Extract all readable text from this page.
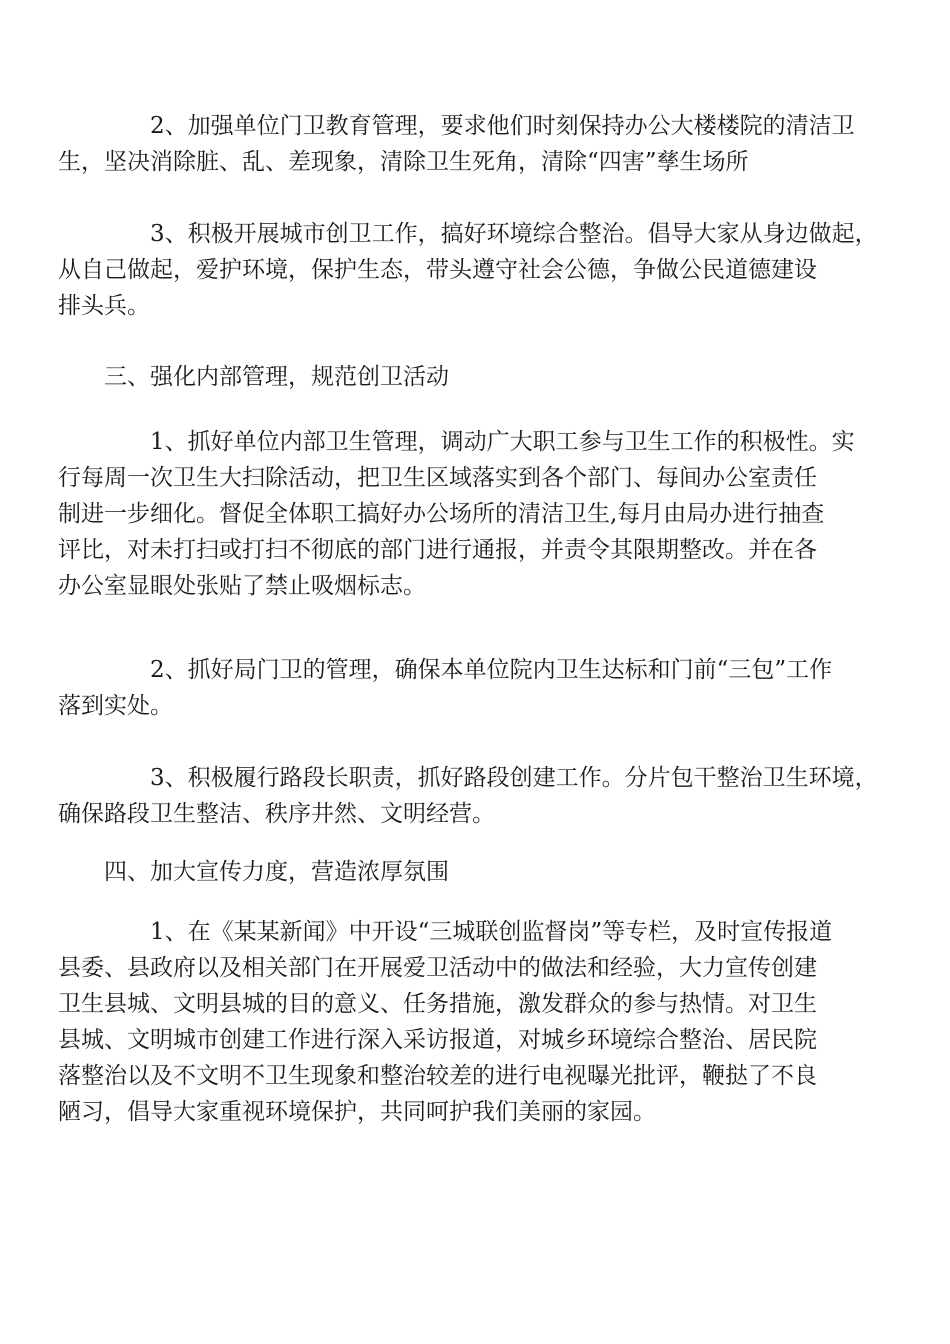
2、加强单位门卫教育管理，要求他们时刻保持办公大楼楼院的清洁卫
生，坚决消除脏、乱、差现象，清除卫生死角，清除“四害”孳生场所
3、积极开展城市创卫工作，搞好环境综合整治。倡导大家从身边做起，
从自己做起，爱护环境，保护生态，带头遵守社会公德，争做公民道德建设
排头兵。
三、强化内部管理，规范创卫活动
1、抓好单位内部卫生管理，调动广大职工参与卫生工作的积极性。实
行每周一次卫生大扫除活动，把卫生区域落实到各个部门、每间办公室责任
制进一步细化。督促全体职工搞好办公场所的清洁卫生,每月由局办进行抽查
评比，对未打扫或打扫不彻底的部门进行通报，并责令其限期整改。并在各
办公室显眼处张贴了禁止吸烟标志。
2、抓好局门卫的管理，确保本单位院内卫生达标和门前“三包”工作
落到实处。
3、积极履行路段长职责，抓好路段创建工作。分片包干整治卫生环境，
确保路段卫生整洁、秩序井然、文明经营。
四、加大宣传力度，营造浓厚氛围
1、在《某某新闻》中开设“三城联创监督岗”等专栏，及时宣传报道
县委、县政府以及相关部门在开展爱卫活动中的做法和经验，大力宣传创建
卫生县城、文明县城的目的意义、任务措施，激发群众的参与热情。对卫生
县城、文明城市创建工作进行深入采访报道，对城乡环境综合整治、居民院
落整治以及不文明不卫生现象和整治较差的进行电视曝光批评，鞭挞了不良
陋习，倡导大家重视环境保护，共同呵护我们美丽的家园。
